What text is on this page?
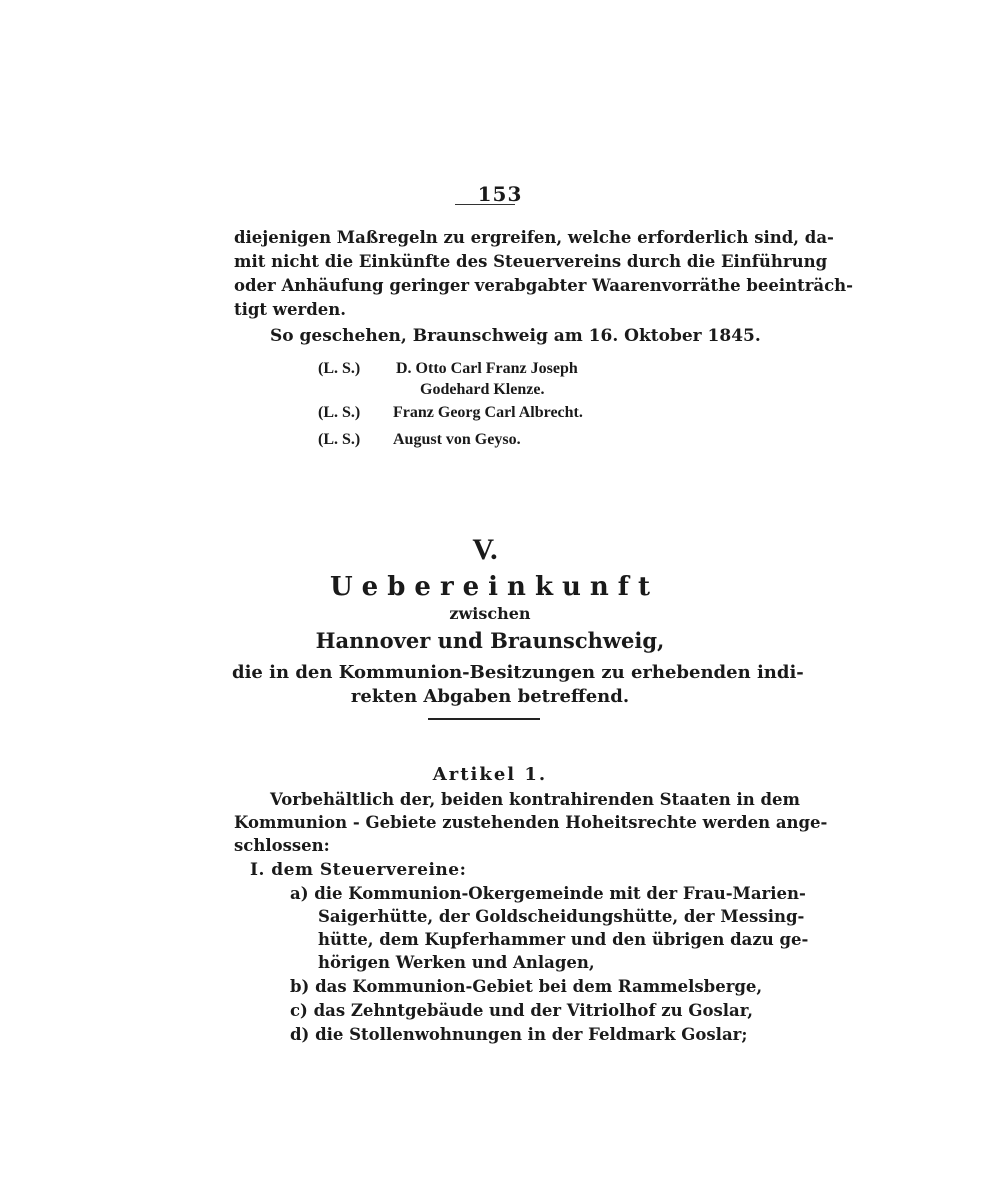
153
diejenigen Maßregeln zu ergreifen, welche erforderlich sind, da-
mit nicht die Einkünfte des Steuervereins durch die Einführung
oder Anhäufung geringer verabgabter Waarenvorräthe beeinträch-
tigt werden.
So geschehen, Braunschweig am 16. Oktober 1845.
(L. S.) D. Otto Carl Franz Joseph
Godehard Klenze.
(L. S.) Franz Georg Carl Albrecht.
(L. S.) August von Geyso.
V.
Uebereinkunft
zwischen
Hannover und Braunschweig,
die in den Kommunion-Besitzungen zu erhebenden indi-
rekten Abgaben betreffend.
Artikel 1.
Vorbehältlich der, beiden kontrahirenden Staaten in dem
Kommunion - Gebiete zustehenden Hoheitsrechte werden ange-
schlossen:
I. dem Steuervereine:
a) die Kommunion-Okergemeinde mit der Frau-Marien-
Saigerhütte, der Goldscheidungshütte, der Messing-
hütte, dem Kupferhammer und den übrigen dazu ge-
hörigen Werken und Anlagen,
b) das Kommunion-Gebiet bei dem Rammelsberge,
c) das Zehntgebäude und der Vitriolhof zu Goslar,
d) die Stollenwohnungen in der Feldmark Goslar;
